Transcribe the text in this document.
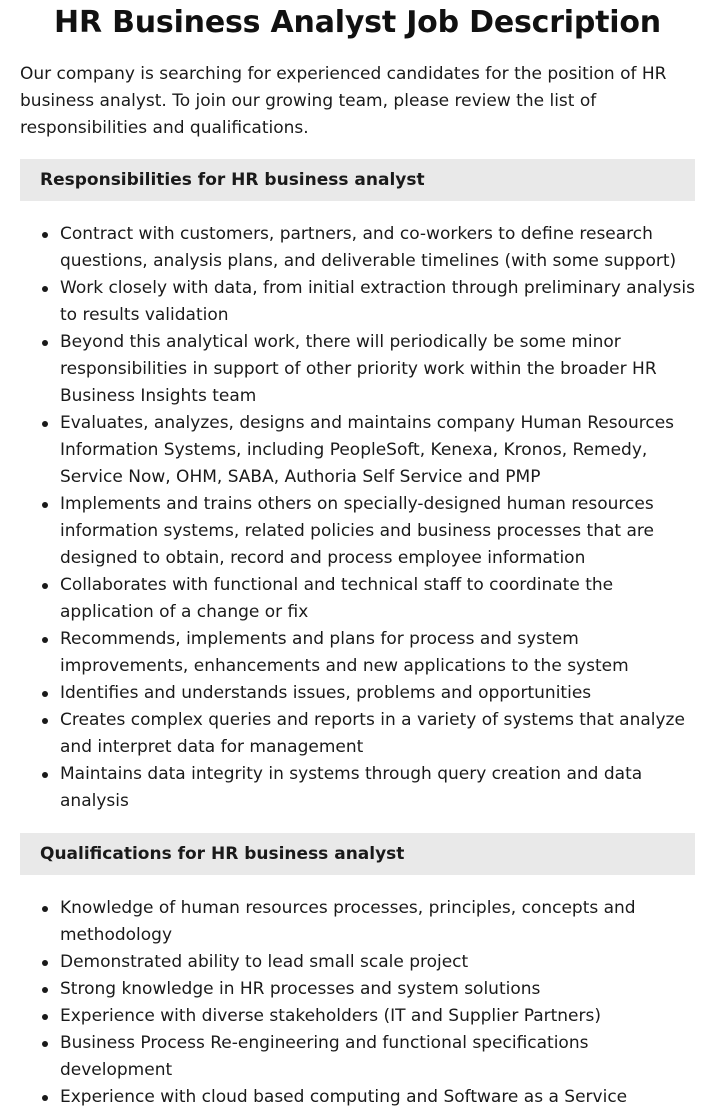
HR Business Analyst Job Description

Our company is searching for experienced candidates for the position of HR business analyst. To join our growing team, please review the list of responsibilities and qualifications.

Responsibilities for HR business analyst
Contract with customers, partners, and co-workers to define research questions, analysis plans, and deliverable timelines (with some support)
Work closely with data, from initial extraction through preliminary analysis to results validation
Beyond this analytical work, there will periodically be some minor responsibilities in support of other priority work within the broader HR Business Insights team
Evaluates, analyzes, designs and maintains company Human Resources Information Systems, including PeopleSoft, Kenexa, Kronos, Remedy, Service Now, OHM, SABA, Authoria Self Service and PMP
Implements and trains others on specially-designed human resources information systems, related policies and business processes that are designed to obtain, record and process employee information
Collaborates with functional and technical staff to coordinate the application of a change or fix
Recommends, implements and plans for process and system improvements, enhancements and new applications to the system
Identifies and understands issues, problems and opportunities
Creates complex queries and reports in a variety of systems that analyze and interpret data for management
Maintains data integrity in systems through query creation and data analysis
Qualifications for HR business analyst
Knowledge of human resources processes, principles, concepts and methodology
Demonstrated ability to lead small scale project
Strong knowledge in HR processes and system solutions
Experience with diverse stakeholders (IT and Supplier Partners)
Business Process Re-engineering and functional specifications development
Experience with cloud based computing and Software as a Service
